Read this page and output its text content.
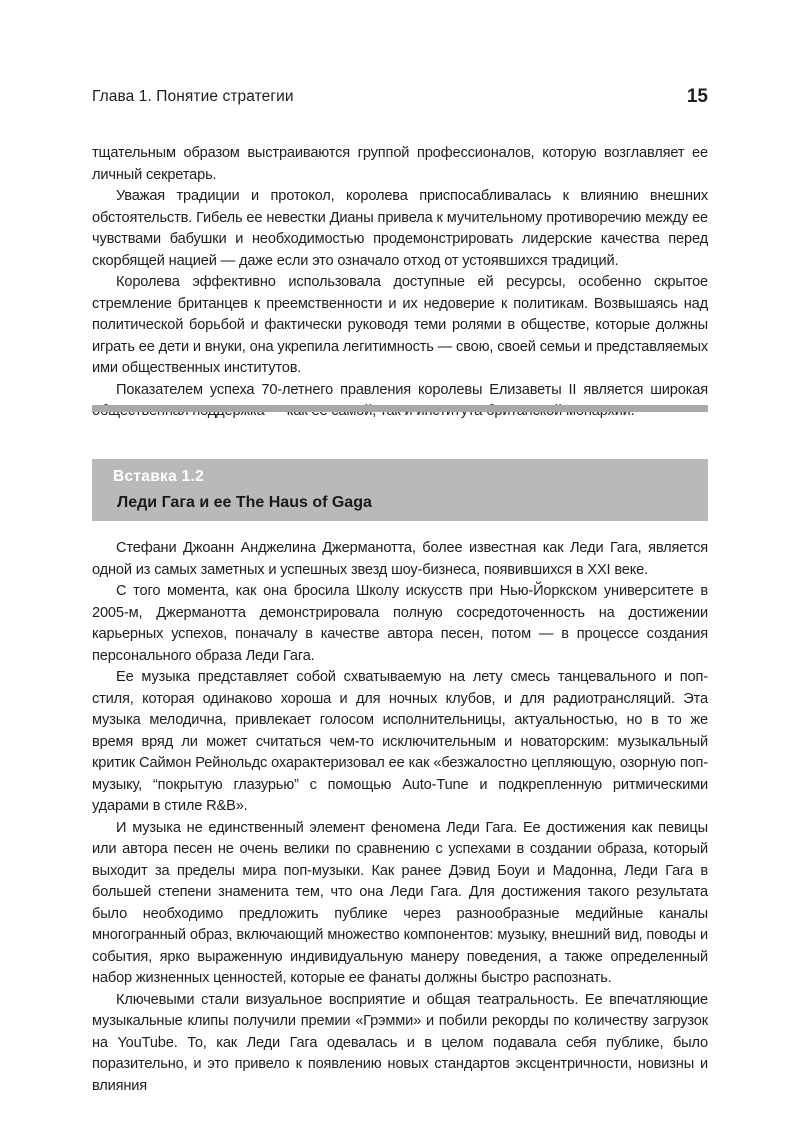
Глава 1. Понятие стратегии	15

тщательным образом выстраиваются группой профессионалов, которую возглавляет ее личный секретарь.

Уважая традиции и протокол, королева приспосабливалась к влиянию внешних обстоятельств. Гибель ее невестки Дианы привела к мучительному противоречию между ее чувствами бабушки и необходимостью продемонстрировать лидерские качества перед скорбящей нацией — даже если это означало отход от устоявшихся традиций.

Королева эффективно использовала доступные ей ресурсы, особенно скрытое стремление британцев к преемственности и их недоверие к политикам. Возвышаясь над политической борьбой и фактически руководя теми ролями в обществе, которые должны играть ее дети и внуки, она укрепила легитимность — свою, своей семьи и представляемых ими общественных институтов.

Показателем успеха 70-летнего правления королевы Елизаветы II является широкая

Вставка 1.2
Леди Гага и ее The Haus of Gaga

Стефани Джоанн Анджелина Джерманотта, более известная как Леди Гага, является одной из самых заметных и успешных звезд шоу-бизнеса, появившихся в XXI веке.

С того момента, как она бросила Школу искусств при Нью-Йоркском университете в 2005-м, Джерманотта демонстрировала полную сосредоточенность на достижении карьерных успехов, поначалу в качестве автора песен, потом — в процессе создания персонального образа Леди Гага.

Ее музыка представляет собой схватываемую на лету смесь танцевального и поп-стиля, которая одинаково хороша и для ночных клубов, и для радиотрансляций. Эта музыка мелодична, привлекает голосом исполнительницы, актуальностью, но в то же время вряд ли может считаться чем-то исключительным и новаторским: музыкальный критик Саймон Рейнольдс охарактеризовал ее как «безжалостно цепляющую, озорную поп-музыку, “покрытую глазурью” с помощью Auto-Tune и подкрепленную ритмическими ударами в стиле R&B».

И музыка не единственный элемент феномена Леди Гага. Ее достижения как певицы или автора песен не очень велики по сравнению с успехами в создании образа, который выходит за пределы мира поп-музыки. Как ранее Дэвид Боуи и Мадонна, Леди Гага в большей степени знаменита тем, что она Леди Гага. Для достижения такого результата было необходимо предложить публике через разнообразные медийные каналы многогранный образ, включающий множество компонентов: музыку, внешний вид, поводы и события, ярко выраженную индивидуальную манеру поведения, а также определенный набор жизненных ценностей, которые ее фанаты должны быстро распознать.

Ключевыми стали визуальное восприятие и общая театральность. Ее впечатляющие музыкальные клипы получили премии «Грэмми» и побили рекорды по количеству загрузок на YouTube. То, как Леди Гага одевалась и в целом подавала себя публике, было поразительно, и это привело к появлению новых стандартов эксцентричности, новизны и влияния
